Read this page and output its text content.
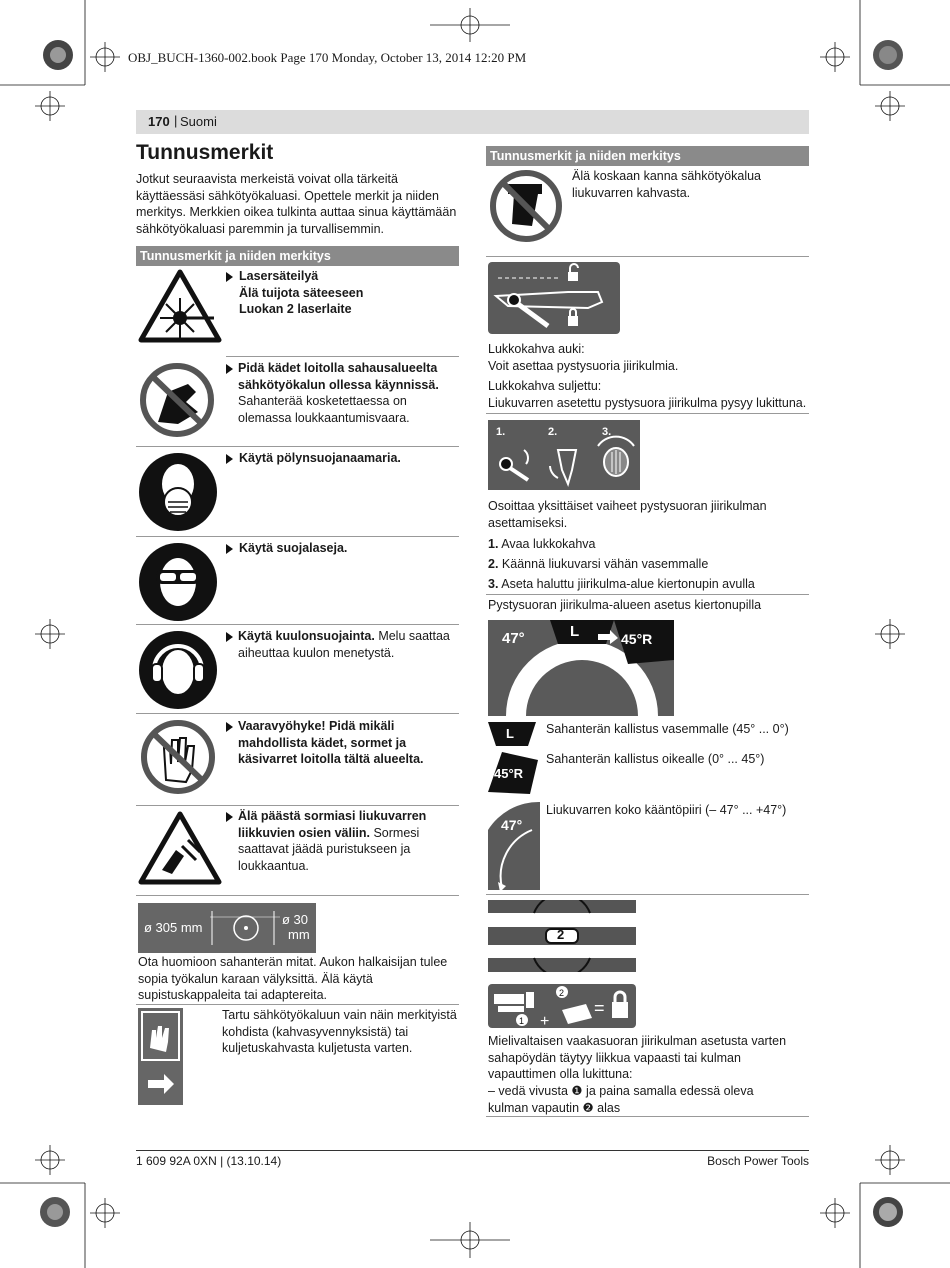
OBJ_BUCH-1360-002.book Page 170 Monday, October 13, 2014 12:20 PM
170 | Suomi
Tunnusmerkit
Jotkut seuraavista merkeistä voivat olla tärkeitä käyttäessäsi sähkötyökaluasi. Opettele merkit ja niiden merkitys. Merkkien oikea tulkinta auttaa sinua käyttämään sähkötyökaluasi paremmin ja turvallisemmin.
Tunnusmerkit ja niiden merkitys
Lasersäteilyä
Älä tuijota säteeseen
Luokan 2 laserlaite
Pidä kädet loitolla sahausalueelta sähkötyökalun ollessa käynnissä. Sahanterää kosketettaessa on olemassa loukkaantumisvaara.
Käytä pölynsuojanaamaria.
Käytä suojalaseja.
Käytä kuulonsuojainta. Melu saattaa aiheuttaa kuulon menetystä.
Vaaravyöhyke! Pidä mikäli mahdollista kädet, sormet ja käsivarret loitolla tältä alueelta.
Älä päästä sormiasi liukuvarren liikkuvien osien väliin. Sormesi saattavat jäädä puristukseen ja loukkaantua.
ø 305 mm
ø 30
mm
Ota huomioon sahanterän mitat. Aukon halkaisijan tulee sopia työkalun karaan välyksittä. Älä käytä supistuskappaleita tai adaptereita.
Tartu sähkötyökaluun vain näin merkityistä kohdista (kahvasyvennyksistä) tai kuljetuskahvasta kuljetusta varten.
Tunnusmerkit ja niiden merkitys
Älä koskaan kanna sähkötyökalua liukuvarren kahvasta.
Lukkokahva auki:
Voit asettaa pystysuoria jiirikulmia.
Lukkokahva suljettu:
Liukuvarren asetettu pystysuora jiirikulma pysyy lukittuna.
1.	2.	3.
Osoittaa yksittäiset vaiheet pystysuoran jiirikulman asettamiseksi.
1. Avaa lukkokahva
2. Käännä liukuvarsi vähän vasemmalle
3. Aseta haluttu jiirikulma-alue kiertonupin avulla
Pystysuoran jiirikulma-alueen asetus kiertonupilla
47°	L	45°R
L	Sahanterän kallistus vasemmalle (45° ... 0°)
45°R
Sahanterän kallistus oikealle (0° ... 45°)
47°
Liukuvarren koko kääntöpiiri (– 47° ... +47°)
2
1 +
2
=
Mielivaltaisen vaakasuoran jiirikulman asetusta varten sahapöydän täytyy liikkua vapaasti tai kulman vapauttimen olla lukittuna:
– vedä vivusta ❶ ja paina samalla edessä oleva kulman vapautin ❷ alas
1 609 92A 0XN | (13.10.14)	Bosch Power Tools
